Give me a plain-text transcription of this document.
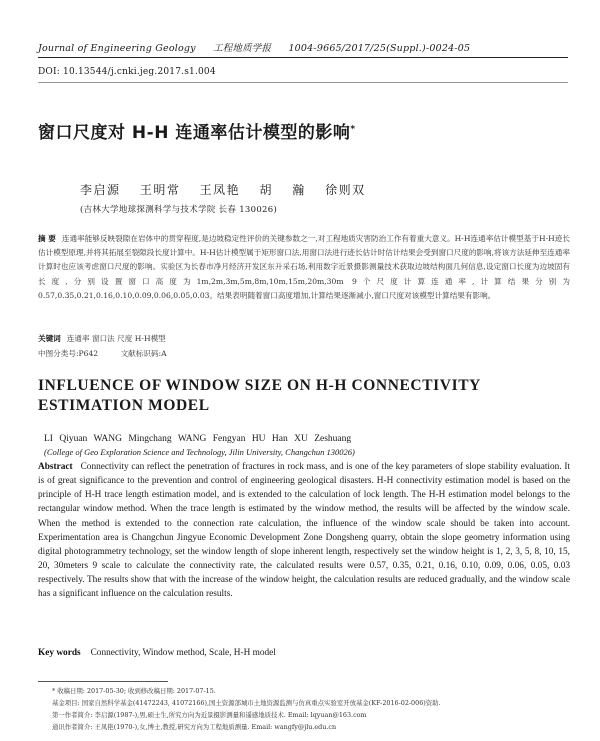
Journal of Engineering Geology 工程地质学报 1004-9665/2017/25(Suppl.)-0024-05
DOI: 10.13544/j.cnki.jeg.2017.s1.004
窗口尺度对 H-H 连通率估计模型的影响*
李启源 王明常 王凤艳 胡 瀚 徐则双
(吉林大学地球探测科学与技术学院 长春 130026)
摘 要 连通率能够反映裂隙在岩体中的贯穿程度,是边坡稳定性评价的关键参数之一,对工程地质灾害防治工作有着重大意义。H-H连通率估计模型基于H-H迹长估计模型原理,并将其拓展至裂隙段长度计算中。H-H估计模型属于矩形窗口法,用窗口法进行迹长估计时估计结果会受到窗口尺度的影响,将该方法延伸至连通率计算时也应该考虑窗口尺度的影响。实验区为长春市净月经济开发区东升采石场,利用数字近景摄影测量技术获取边坡结构面几何信息,设定窗口长度为边坡固有长度,分别设置窗口高度为1m,2m,3m,5m,8m,10m,15m,20m,30m 9个尺度计算连通率,计算结果分别为0.57,0.35,0.21,0.16,0.10,0.09,0.06,0.05,0.03。结果表明随着窗口高度增加,计算结果逐渐减小,窗口尺度对该模型计算结果有影响。
关键词 连通率 窗口法 尺度 H-H模型
中图分类号:P642	文献标识码:A
INFLUENCE OF WINDOW SIZE ON H-H CONNECTIVITY ESTIMATION MODEL
LI Qiyuan WANG Mingchang WANG Fengyan HU Han XU Zeshuang
(College of Geo Exploration Science and Technology, Jilin University, Changchun 130026)
Abstract Connectivity can reflect the penetration of fractures in rock mass, and is one of the key parameters of slope stability evaluation. It is of great significance to the prevention and control of engineering geological disasters. H-H connectivity estimation model is based on the principle of H-H trace length estimation model, and is extended to the calculation of lock length. The H-H estimation model belongs to the rectangular window method. When the trace length is estimated by the window method, the results will be affected by the window scale. When the method is extended to the connection rate calculation, the influence of the window scale should be taken into account. Experimentation area is Changchun Jingyue Economic Development Zone Dongsheng quarry, obtain the slope geometry information using digital photogrammetry technology, set the window length of slope inherent length, respectively set the window height is 1, 2, 3, 5, 8, 10, 15, 20, 30meters 9 scale to calculate the connectivity rate, the calculated results were 0.57, 0.35, 0.21, 0.16, 0.10, 0.09, 0.06, 0.05, 0.03 respectively. The results show that with the increase of the window height, the calculation results are reduced gradually, and the window scale has a significant influence on the calculation results.
Key words Connectivity, Window method, Scale, H-H model
* 收稿日期: 2017-05-30; 收到修改稿日期: 2017-07-15.
基金项目: 国家自然科学基金(41472243, 41072166),国土资源部城市土地资源监测与仿真重点实验室开放基金(KF-2016-02-006)资助.
第一作者简介: 李启源(1987-),男,硕士生,所究方向为近景摄影测量和遥感地质技术. Email: lqyuan@163.com
通讯作者简介: 王凤艳(1970-),女,博士,教授,研究方向为工程地质测量. Email: wangfy@jlu.edu.cn
